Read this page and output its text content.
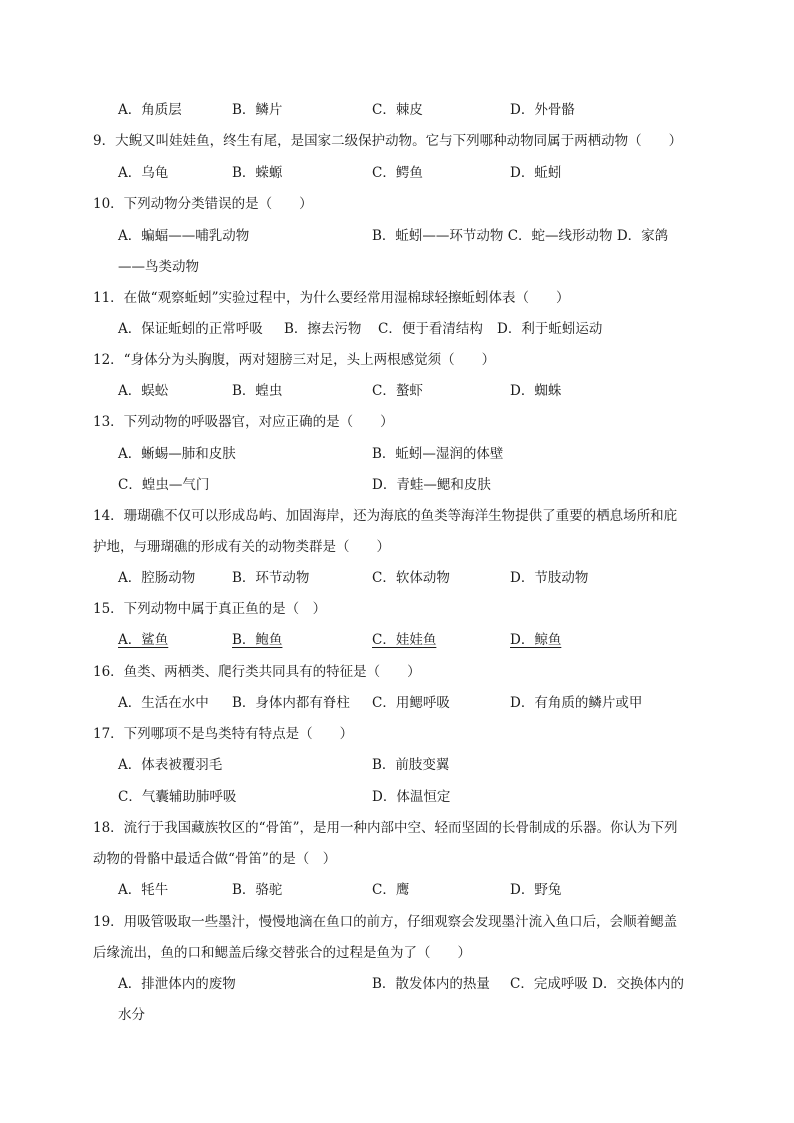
A．角质层	B．鳞片	C．棘皮	D．外骨骼
9．大鲵又叫娃娃鱼，终生有尾，是国家二级保护动物。它与下列哪种动物同属于两栖动物（　　）
A．乌龟	B．蝾螈	C．鳄鱼	D．蚯蚓
10．下列动物分类错误的是（　　）
A．蝙蝠——哺乳动物	B．蚯蚓——环节动物 C．蛇—线形动物 D．家鸽
——鸟类动物
11．在做“观察蚯蚓”实验过程中，为什么要经常用湿棉球轻擦蚯蚓体表（　　）
A．保证蚯蚓的正常呼吸 B．擦去污物 C．便于看清结构 D．利于蚯蚓运动
12．“身体分为头胸腹，两对翅膀三对足，头上两根感觉须（　　）
A．蜈蚣	B．蝗虫	C．螯虾	D．蜘蛛
13．下列动物的呼吸器官，对应正确的是（　　）
A．蜥蜴—肺和皮肤	B．蚯蚓—湿润的体壁
C．蝗虫—气门	D．青蛙—鳃和皮肤
14．珊瑚礁不仅可以形成岛屿、加固海岸，还为海底的鱼类等海洋生物提供了重要的栖息场所和庇
护地，与珊瑚礁的形成有关的动物类群是（　　）
A．腔肠动物	B．环节动物	C．软体动物	D．节肢动物
15．下列动物中属于真正鱼的是（　）
A．鲨鱼	B．鲍鱼	C．娃娃鱼	D．鲸鱼
16．鱼类、两栖类、爬行类共同具有的特征是（　　）
A．生活在水中 B．身体内都有脊柱 C．用鳃呼吸	D．有角质的鳞片或甲
17．下列哪项不是鸟类特有特点是（　　）
A．体表被覆羽毛	B．前肢变翼
C．气囊辅助肺呼吸	D．体温恒定
18．流行于我国藏族牧区的“骨笛”，是用一种内部中空、轻而坚固的长骨制成的乐器。你认为下列
动物的骨骼中最适合做“骨笛”的是（　）
A．牦牛	B．骆驼	C．鹰	D．野兔
19．用吸管吸取一些墨汁，慢慢地滴在鱼口的前方，仔细观察会发现墨汁流入鱼口后，会顺着鳃盖
后缘流出，鱼的口和鳃盖后缘交替张合的过程是鱼为了（　　）
A．排泄体内的废物	B．散发体内的热量 C．完成呼吸 D．交换体内的
水分
